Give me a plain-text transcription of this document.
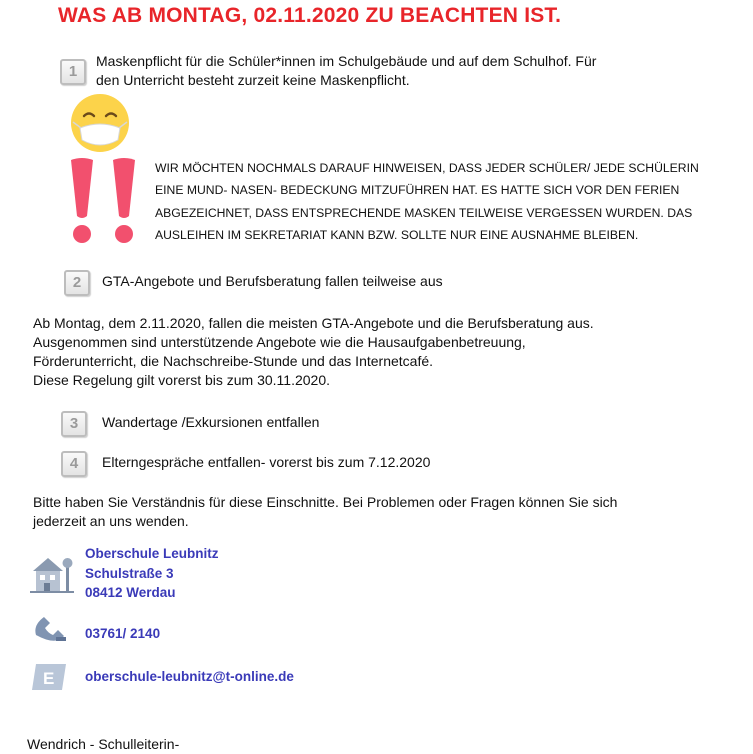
WAS AB MONTAG, 02.11.2020 ZU BEACHTEN IST.
1
Maskenpflicht für die Schüler*innen im Schulgebäude und auf dem Schulhof. Für
den Unterricht besteht zurzeit keine Maskenpflicht.
WIR MÖCHTEN NOCHMALS DARAUF HINWEISEN, DASS JEDER SCHÜLER/ JEDE SCHÜLERIN
EINE MUND- NASEN- BEDECKUNG MITZUFÜHREN HAT. ES HATTE SICH VOR DEN FERIEN
ABGEZEICHNET, DASS ENTSPRECHENDE MASKEN TEILWEISE VERGESSEN WURDEN. DAS
AUSLEIHEN IM SEKRETARIAT KANN BZW. SOLLTE NUR EINE AUSNAHME BLEIBEN.
2	GTA-Angebote und Berufsberatung fallen teilweise aus
Ab Montag, dem 2.11.2020, fallen die meisten GTA-Angebote und die Berufsberatung aus.
Ausgenommen sind unterstützende Angebote wie die Hausaufgabenbetreuung,
Förderunterricht, die Nachschreibe-Stunde und das Internetcafé.
Diese Regelung gilt vorerst bis zum 30.11.2020.
3	Wandertage /Exkursionen entfallen
4	Elterngespräche entfallen- vorerst bis zum 7.12.2020
Bitte haben Sie Verständnis für diese Einschnitte. Bei Problemen oder Fragen können Sie sich
jederzeit an uns wenden.
Oberschule Leubnitz
Schulstraße 3
08412 Werdau
03761/ 2140
E oberschule-leubnitz@t-online.de
Wendrich - Schulleiterin-
